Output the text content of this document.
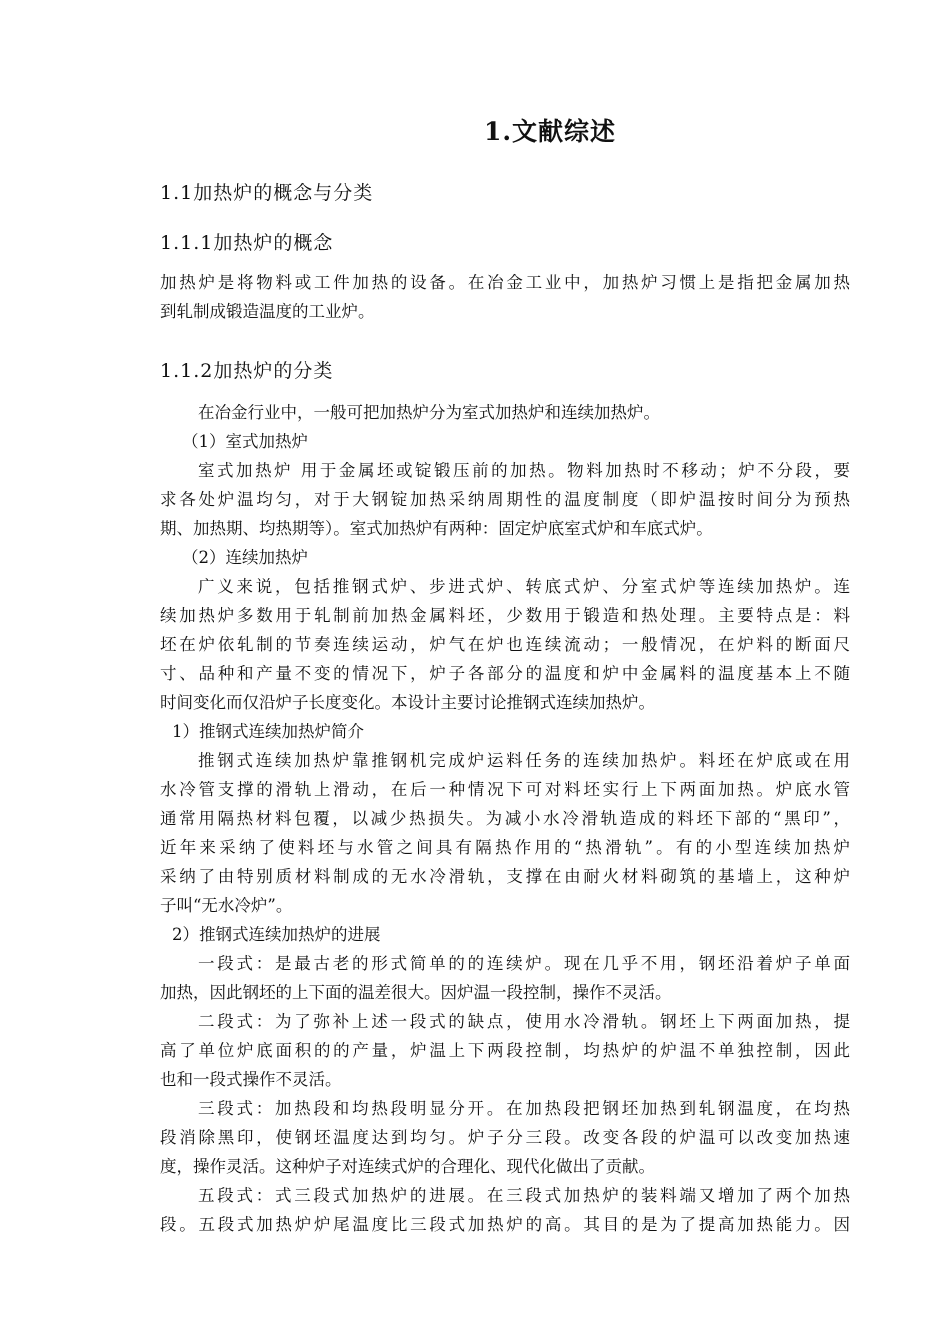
1.文献综述
1.1加热炉的概念与分类
1.1.1加热炉的概念
加热炉是将物料或工件加热的设备。在冶金工业中，加热炉习惯上是指把金属加热
到轧制成锻造温度的工业炉。
1.1.2加热炉的分类
在冶金行业中，一般可把加热炉分为室式加热炉和连续加热炉。
（1）室式加热炉
室式加热炉 用于金属坯或锭锻压前的加热。物料加热时不移动；炉不分段，要
求各处炉温均匀，对于大钢锭加热采纳周期性的温度制度（即炉温按时间分为预热
期、加热期、均热期等）。室式加热炉有两种：固定炉底室式炉和车底式炉。
（2）连续加热炉
广义来说，包括推钢式炉、步进式炉、转底式炉、分室式炉等连续加热炉。连
续加热炉多数用于轧制前加热金属料坯，少数用于锻造和热处理。主要特点是：料
坯在炉依轧制的节奏连续运动，炉气在炉也连续流动；一般情况，在炉料的断面尺
寸、品种和产量不变的情况下，炉子各部分的温度和炉中金属料的温度基本上不随
时间变化而仅沿炉子长度变化。本设计主要讨论推钢式连续加热炉。
1）推钢式连续加热炉简介
推钢式连续加热炉靠推钢机完成炉运料任务的连续加热炉。料坯在炉底或在用
水冷管支撑的滑轨上滑动，在后一种情况下可对料坯实行上下两面加热。炉底水管
通常用隔热材料包覆，以减少热损失。为减小水冷滑轨造成的料坯下部的“黑印”，
近年来采纳了使料坯与水管之间具有隔热作用的“热滑轨”。有的小型连续加热炉
采纳了由特别质材料制成的无水冷滑轨，支撑在由耐火材料砌筑的基墙上，这种炉
子叫“无水冷炉”。
2）推钢式连续加热炉的进展
一段式：是最古老的形式简单的的连续炉。现在几乎不用，钢坯沿着炉子单面
加热，因此钢坯的上下面的温差很大。因炉温一段控制，操作不灵活。
二段式：为了弥补上述一段式的缺点，使用水冷滑轨。钢坯上下两面加热，提
高了单位炉底面积的的产量，炉温上下两段控制，均热炉的炉温不单独控制，因此
也和一段式操作不灵活。
三段式：加热段和均热段明显分开。在加热段把钢坯加热到轧钢温度，在均热
段消除黑印，使钢坯温度达到均匀。炉子分三段。改变各段的炉温可以改变加热速
度，操作灵活。这种炉子对连续式炉的合理化、现代化做出了贡献。
五段式：式三段式加热炉的进展。在三段式加热炉的装料端又增加了两个加热
段。五段式加热炉炉尾温度比三段式加热炉的高。其目的是为了提高加热能力。因
